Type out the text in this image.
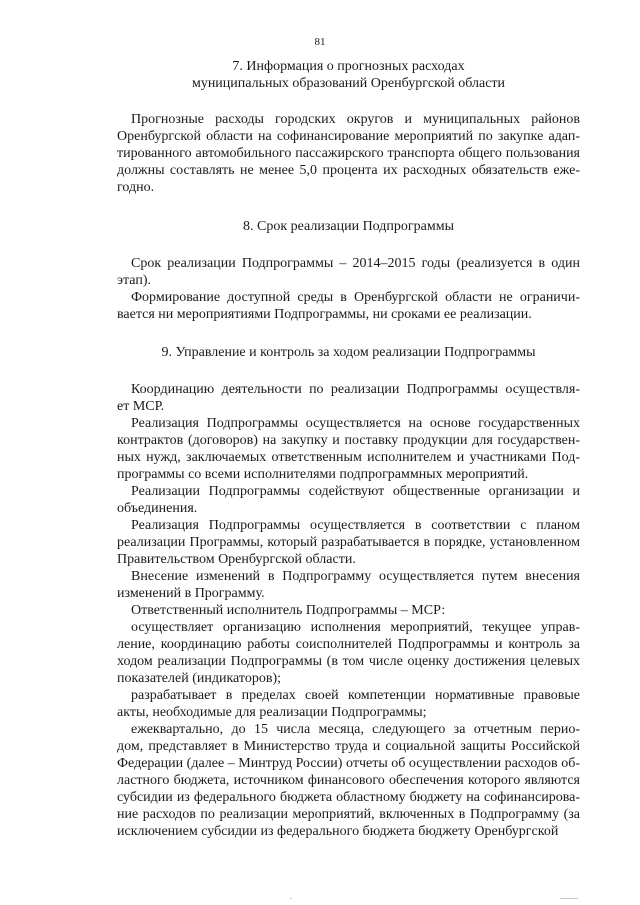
81
7. Информация о прогнозных расходах
муниципальных образований Оренбургской области
Прогнозные расходы городских округов и муниципальных районов
Оренбургской области на софинансирование мероприятий по закупке адап-
тированного автомобильного пассажирского транспорта общего пользования
должны составлять не менее 5,0 процента их расходных обязательств еже-
годно.
8. Срок реализации Подпрограммы
Срок реализации Подпрограммы – 2014–2015 годы (реализуется в один
этап).
Формирование доступной среды в Оренбургской области не ограничи-
вается ни мероприятиями Подпрограммы, ни сроками ее реализации.
9. Управление и контроль за ходом реализации Подпрограммы
Координацию деятельности по реализации Подпрограммы осуществля-
ет МСР.
Реализация Подпрограммы осуществляется на основе государственных
контрактов (договоров) на закупку и поставку продукции для государствен-
ных нужд, заключаемых ответственным исполнителем и участниками Под-
программы со всеми исполнителями подпрограммных мероприятий.
Реализации Подпрограммы содействуют общественные организации и
объединения.
Реализация Подпрограммы осуществляется в соответствии с планом
реализации Программы, который разрабатывается в порядке, установленном
Правительством Оренбургской области.
Внесение изменений в Подпрограмму осуществляется путем внесения
изменений в Программу.
Ответственный исполнитель Подпрограммы – МСР:
осуществляет организацию исполнения мероприятий, текущее управ-
ление, координацию работы соисполнителей Подпрограммы и контроль за
ходом реализации Подпрограммы (в том числе оценку достижения целевых
показателей (индикаторов);
разрабатывает в пределах своей компетенции нормативные правовые
акты, необходимые для реализации Подпрограммы;
ежеквартально, до 15 числа месяца, следующего за отчетным перио-
дом, представляет в Министерство труда и социальной защиты Российской
Федерации (далее – Минтруд России) отчеты об осуществлении расходов об-
ластного бюджета, источником финансового обеспечения которого являются
субсидии из федерального бюджета областному бюджету на софинансирова-
ние расходов по реализации мероприятий, включенных в Подпрограмму (за
исключением субсидии из федерального бюджета бюджету Оренбургской
